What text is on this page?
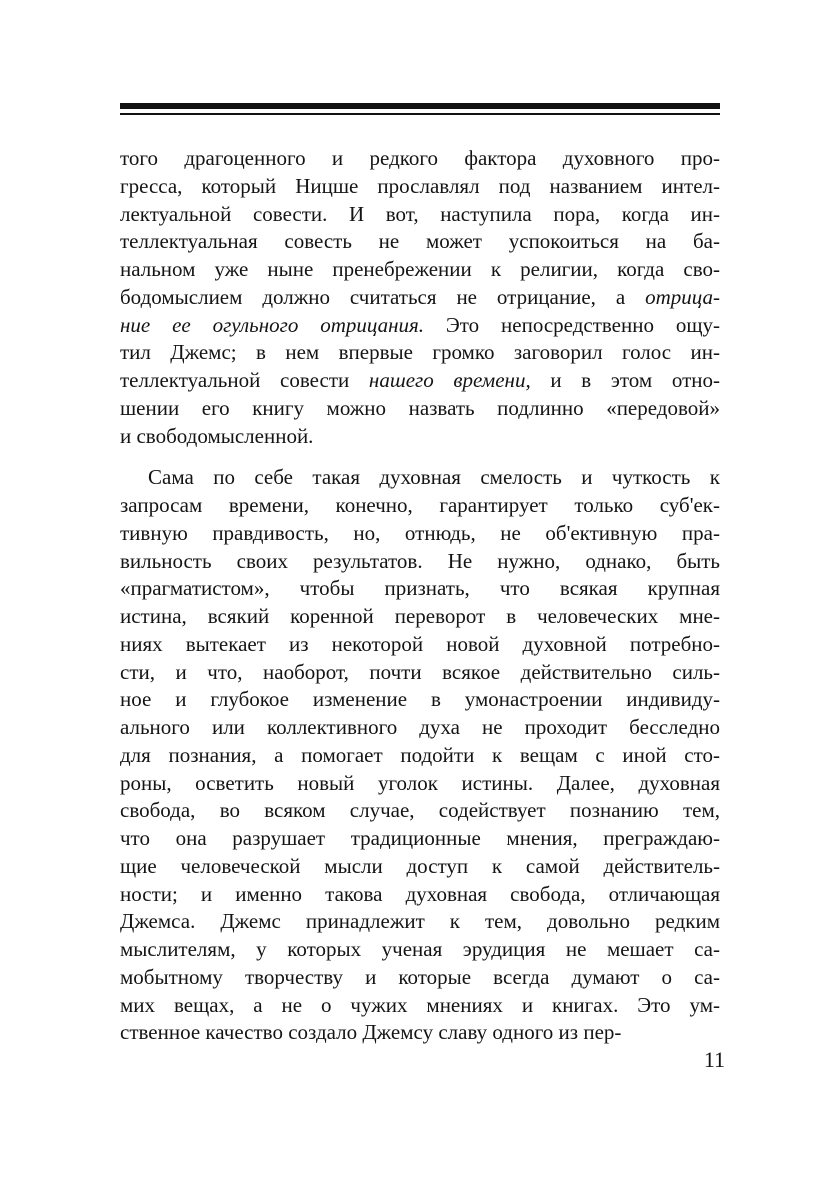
того драгоценного и редкого фактора духовного про-
гресса, который Ницше прославлял под названием интел-
лектуальной совести. И вот, наступила пора, когда ин-
теллектуальная совесть не может успокоиться на ба-
нальном уже ныне пренебрежении к религии, когда сво-
бодомыслием должно считаться не отрицание, а отрица-
ние ее огульного отрицания. Это непосредственно ощу-
тил Джемс; в нем впервые громко заговорил голос ин-
теллектуальной совести нашего времени, и в этом отно-
шении его книгу можно назвать подлинно «передовой»
и свободомысленной.
Сама по себе такая духовная смелость и чуткость к
запросам времени, конечно, гарантирует только суб'ек-
тивную правдивость, но, отнюдь, не об'ективную пра-
вильность своих результатов. Не нужно, однако, быть
«прагматистом», чтобы признать, что всякая крупная
истина, всякий коренной переворот в человеческих мне-
ниях вытекает из некоторой новой духовной потребно-
сти, и что, наоборот, почти всякое действительно силь-
ное и глубокое изменение в умонастроении индивиду-
ального или коллективного духа не проходит бесследно
для познания, а помогает подойти к вещам с иной сто-
роны, осветить новый уголок истины. Далее, духовная
свобода, во всяком случае, содействует познанию тем,
что она разрушает традиционные мнения, преграждаю-
щие человеческой мысли доступ к самой действитель-
ности; и именно такова духовная свобода, отличающая
Джемса. Джемс принадлежит к тем, довольно редким
мыслителям, у которых ученая эрудиция не мешает са-
мобытному творчеству и которые всегда думают о са-
мих вещах, а не о чужих мнениях и книгах. Это ум-
ственное качество создало Джемсу славу одного из пер-
11
